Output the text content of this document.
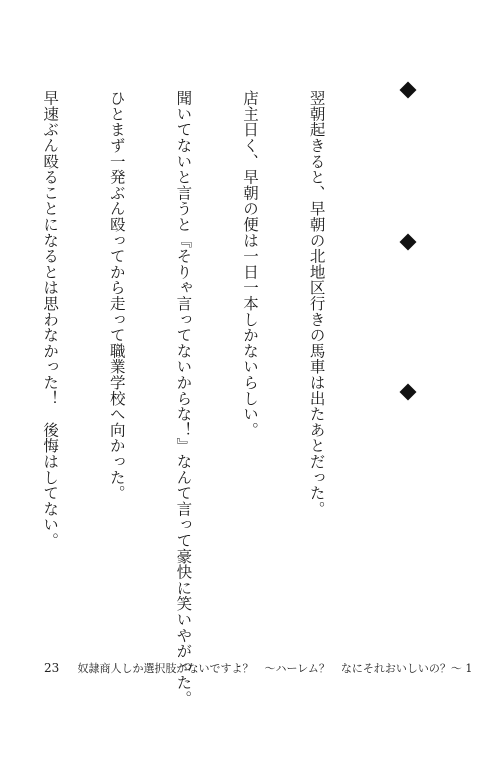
翌朝起きると、早朝の北地区行きの馬車は出たあとだった。

店主日く、早朝の便は一日一本しかないらしい。

聞いてないと言うと『そりゃ言ってないからな！』なんて言って豪快に笑いやがった。

ひとまず一発ぶん殴ってから走って職業学校へ向かった。

早速ぶん殴ることになるとは思わなかった！　後悔はしてない。

23 奴隷商人しか選択肢がないですよ？　～ハーレム？　なにそれおいしいの？～ 1
